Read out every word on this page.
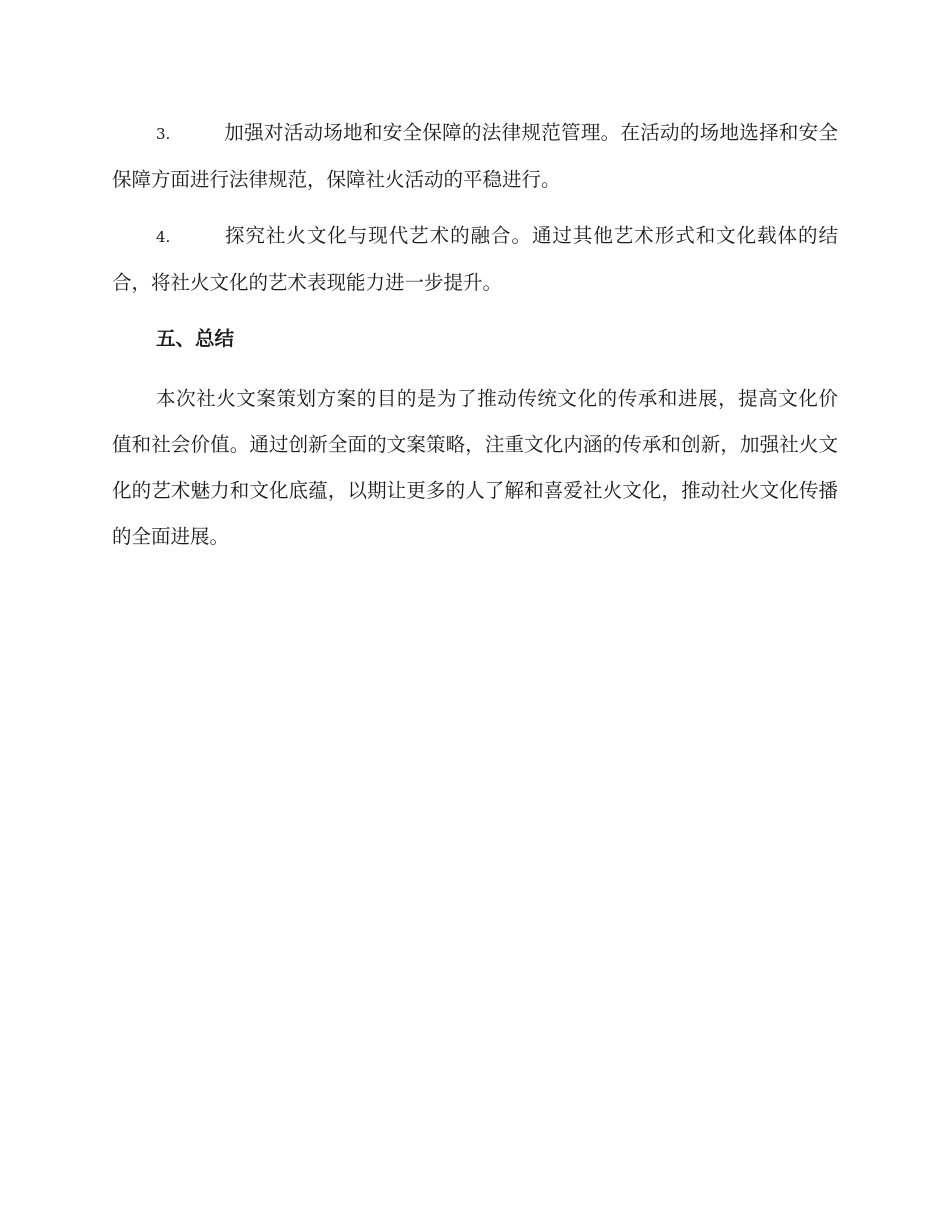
3.	加强对活动场地和安全保障的法律规范管理。在活动的场地选择和安全保障方面进行法律规范，保障社火活动的平稳进行。

4.	探究社火文化与现代艺术的融合。通过其他艺术形式和文化载体的结合，将社火文化的艺术表现能力进一步提升。

五、总结

本次社火文案策划方案的目的是为了推动传统文化的传承和进展，提高文化价值和社会价值。通过创新全面的文案策略，注重文化内涵的传承和创新，加强社火文化的艺术魅力和文化底蕴，以期让更多的人了解和喜爱社火文化，推动社火文化传播的全面进展。
